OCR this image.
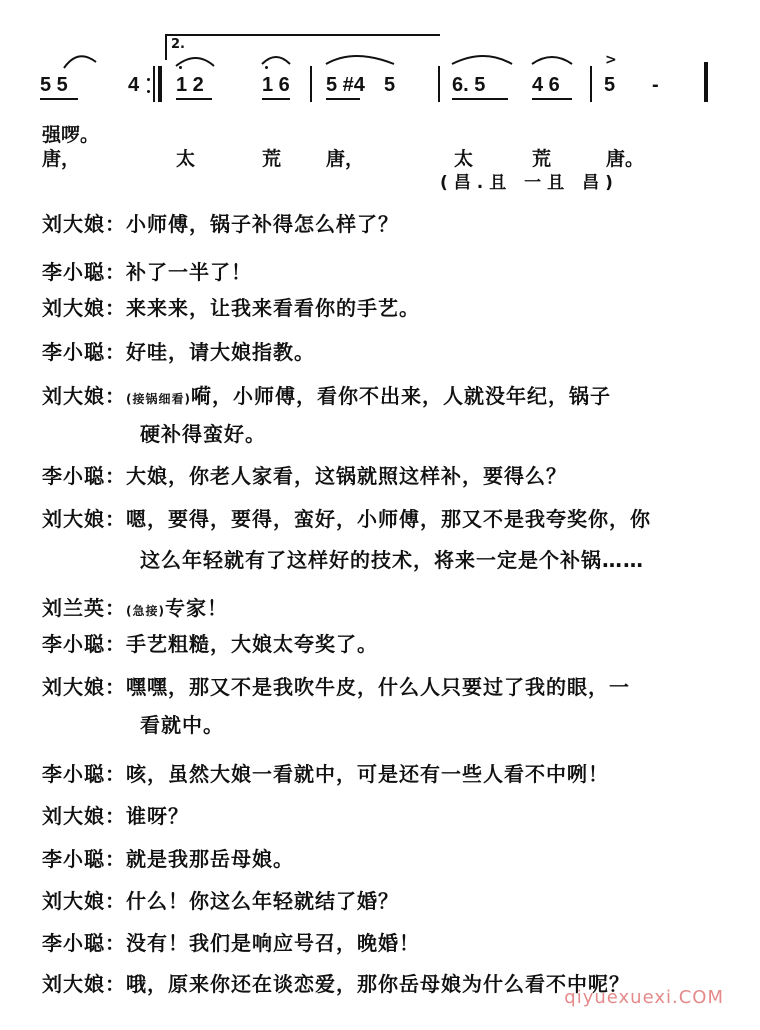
2.
5 5	4 1 2	1 6 5 #4 5	6. 5 4 6 5 -
>
强啰。
唐，	太	荒 唐，	太	荒	唐。
(昌.且 一且 昌)
刘大娘：小师傅，锅子补得怎么样了？
李小聪：补了一半了！
刘大娘：来来来，让我来看看你的手艺。
李小聪：好哇，请大娘指教。
刘大娘：(接锅细看)嗬，小师傅，看你不出来，人就没年纪，锅子
硬补得蛮好。
李小聪：大娘，你老人家看，这锅就照这样补，要得么？
刘大娘：嗯，要得，要得，蛮好，小师傅，那又不是我夸奖你，你
这么年轻就有了这样好的技术，将来一定是个补锅……
刘兰英：(急接)专家！
李小聪：手艺粗糙，大娘太夸奖了。
刘大娘：嘿嘿，那又不是我吹牛皮，什么人只要过了我的眼，一
看就中。
李小聪：咳，虽然大娘一看就中，可是还有一些人看不中咧！
刘大娘：谁呀？
李小聪：就是我那岳母娘。
刘大娘：什么！你这么年轻就结了婚？
李小聪：没有！我们是响应号召，晚婚！
刘大娘：哦，原来你还在谈恋爱，那你岳母娘为什么看不中呢？
qiyuexuexi.COM
